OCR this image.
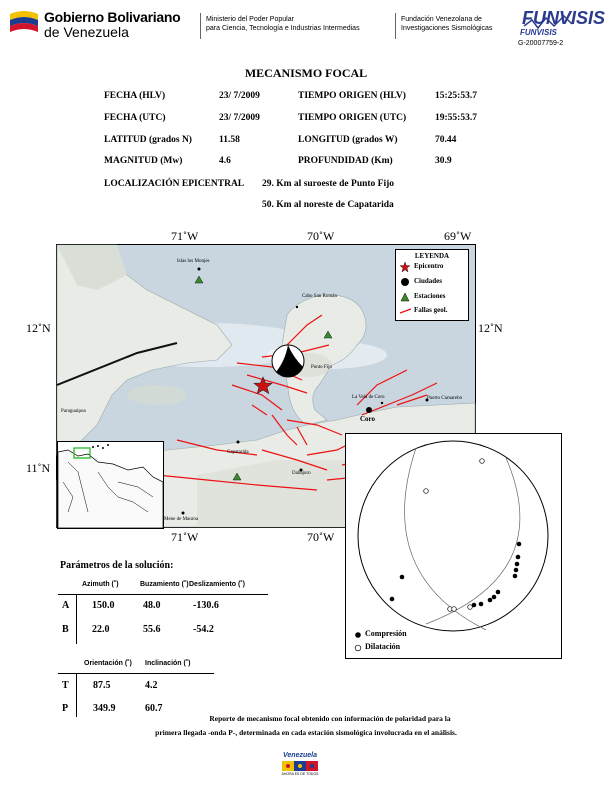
Gobierno Bolivariano
de Venezuela
Ministerio del Poder Popular
para Ciencia, Tecnología e Industrias Intermedias
Fundación Venezolana de
Investigaciones Sismológicas
FUNVISIS
FUNVISIS
G-20007759-2
MECANISMO FOCAL
FECHA (HLV)	23/ 7/2009	TIEMPO ORIGEN (HLV)	15:25:53.7
FECHA (UTC)	23/ 7/2009	TIEMPO ORIGEN (UTC)	19:55:53.7
LATITUD (grados N)	11.58	LONGITUD (grados W)	70.44
MAGNITUD (Mw)	4.6	PROFUNDIDAD (Km)	30.9
LOCALIZACIÓN EPICENTRAL 29. Km al suroeste de Punto Fijo
50. Km al noreste de Capatarida
71˚W	70˚W	69˚W
71˚W	70˚W
12˚N
11˚N
12˚N
Islas los Monjes
Cabo San Román
Punto Fijo
Paraguaipoa
Capatarida
La Vela de Coro	Puerto Cumarebo
Coro
Dabajuro
Mene de Mauroa
LEYENDA
Epicentro
Ciudades
Estaciones
Fallas geol.
Compresión
Dilatación
Parámetros de la solución:
Azimuth (˚)	Buzamiento (˚) Deslizamiento (˚)
A 150.0	48.0	-130.6
B 22.0	55.6	-54.2
Orientación (˚) Inclinación (˚)
T 87.5	4.2
P 349.9	60.7
Reporte de mecanismo focal obtenido con información de polaridad para la
primera llegada -onda P-, determinada en cada estación sismológica involucrada en el análisis.
Venezuela
AHORA ES DE TODOS
